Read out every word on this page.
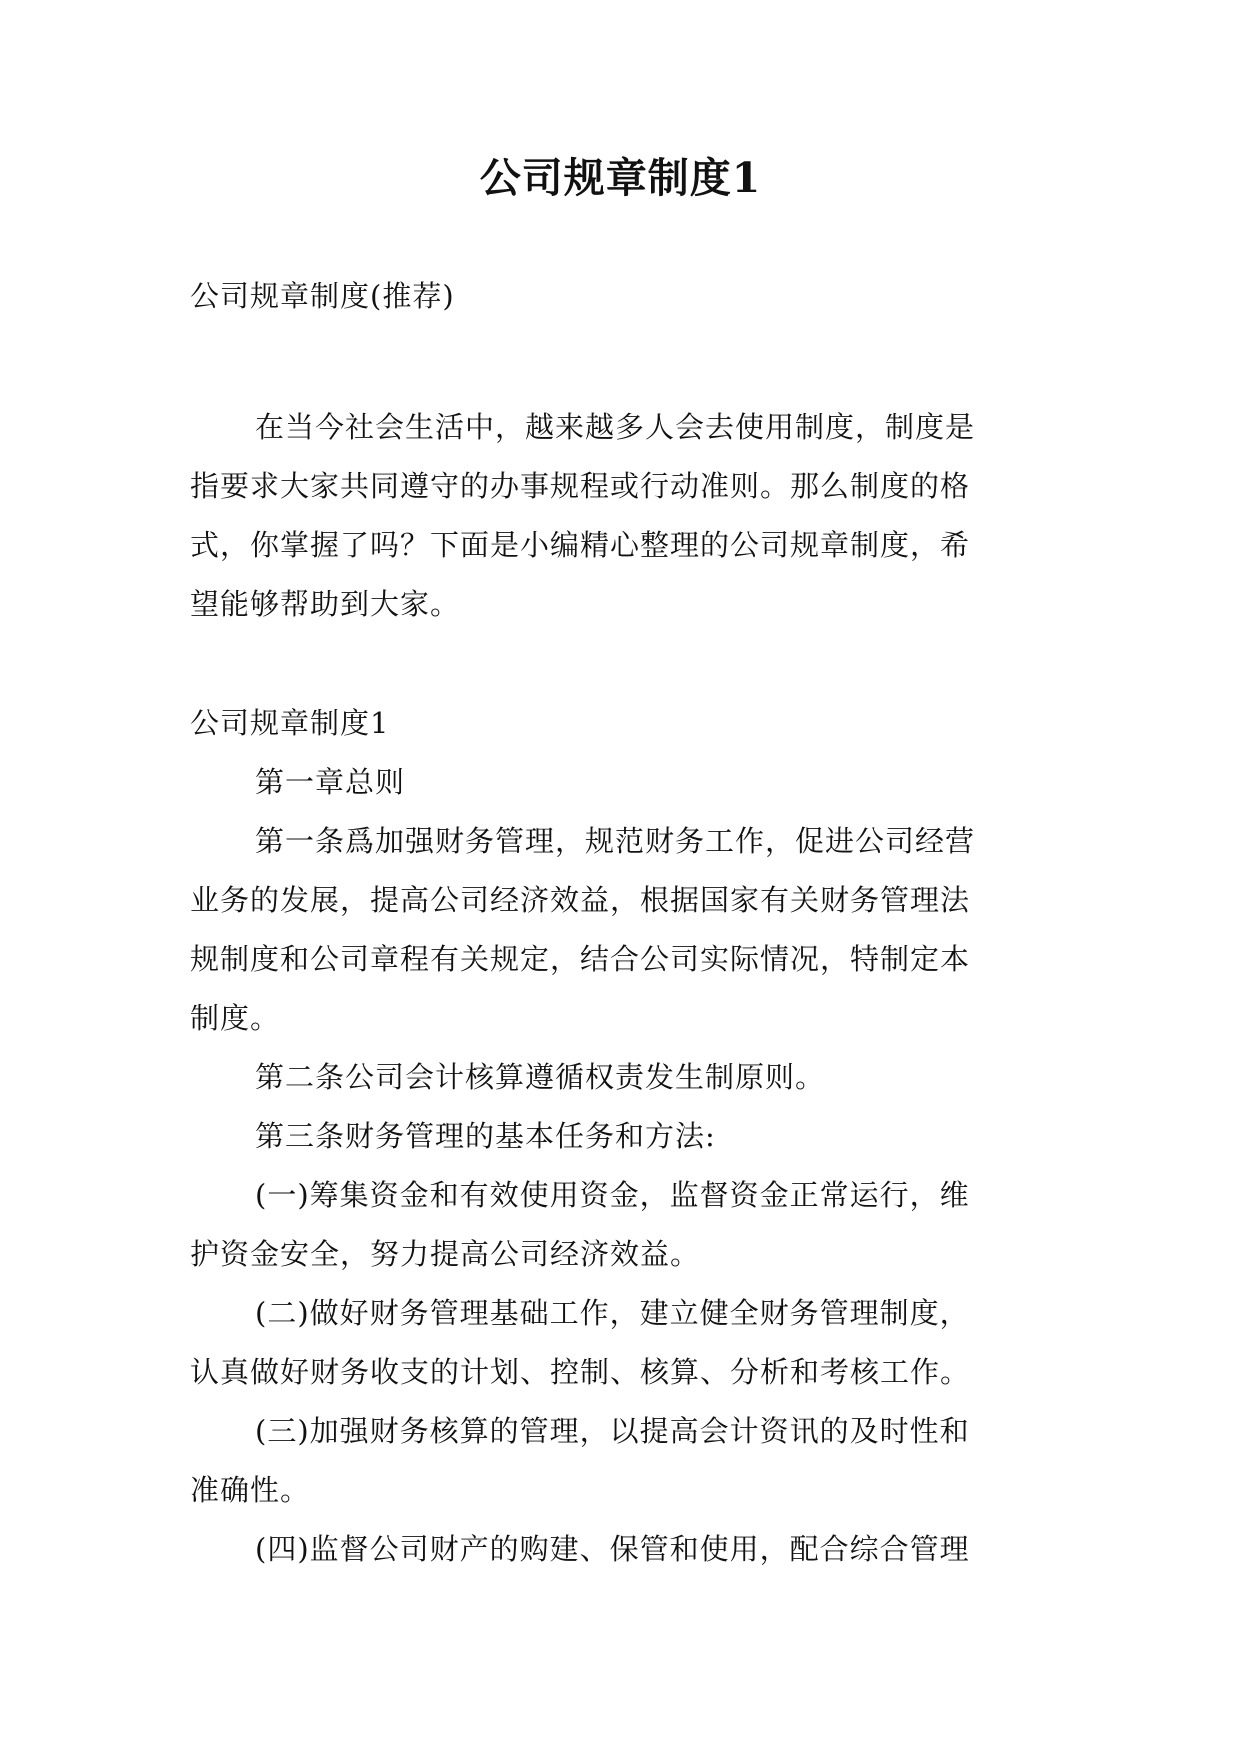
公司规章制度1
公司规章制度(推荐)
在当今社会生活中，越来越多人会去使用制度，制度是
指要求大家共同遵守的办事规程或行动准则。那么制度的格
式，你掌握了吗？下面是小编精心整理的公司规章制度，希
望能够帮助到大家。
公司规章制度1
第一章总则
第一条爲加强财务管理，规范财务工作，促进公司经营
业务的发展，提高公司经济效益，根据国家有关财务管理法
规制度和公司章程有关规定，结合公司实际情况，特制定本
制度。
第二条公司会计核算遵循权责发生制原则。
第三条财务管理的基本任务和方法:
(一)筹集资金和有效使用资金，监督资金正常运行，维
护资金安全，努力提高公司经济效益。
(二)做好财务管理基础工作，建立健全财务管理制度，
认真做好财务收支的计划、控制、核算、分析和考核工作。
(三)加强财务核算的管理，以提高会计资讯的及时性和
准确性。
(四)监督公司财产的购建、保管和使用，配合综合管理
